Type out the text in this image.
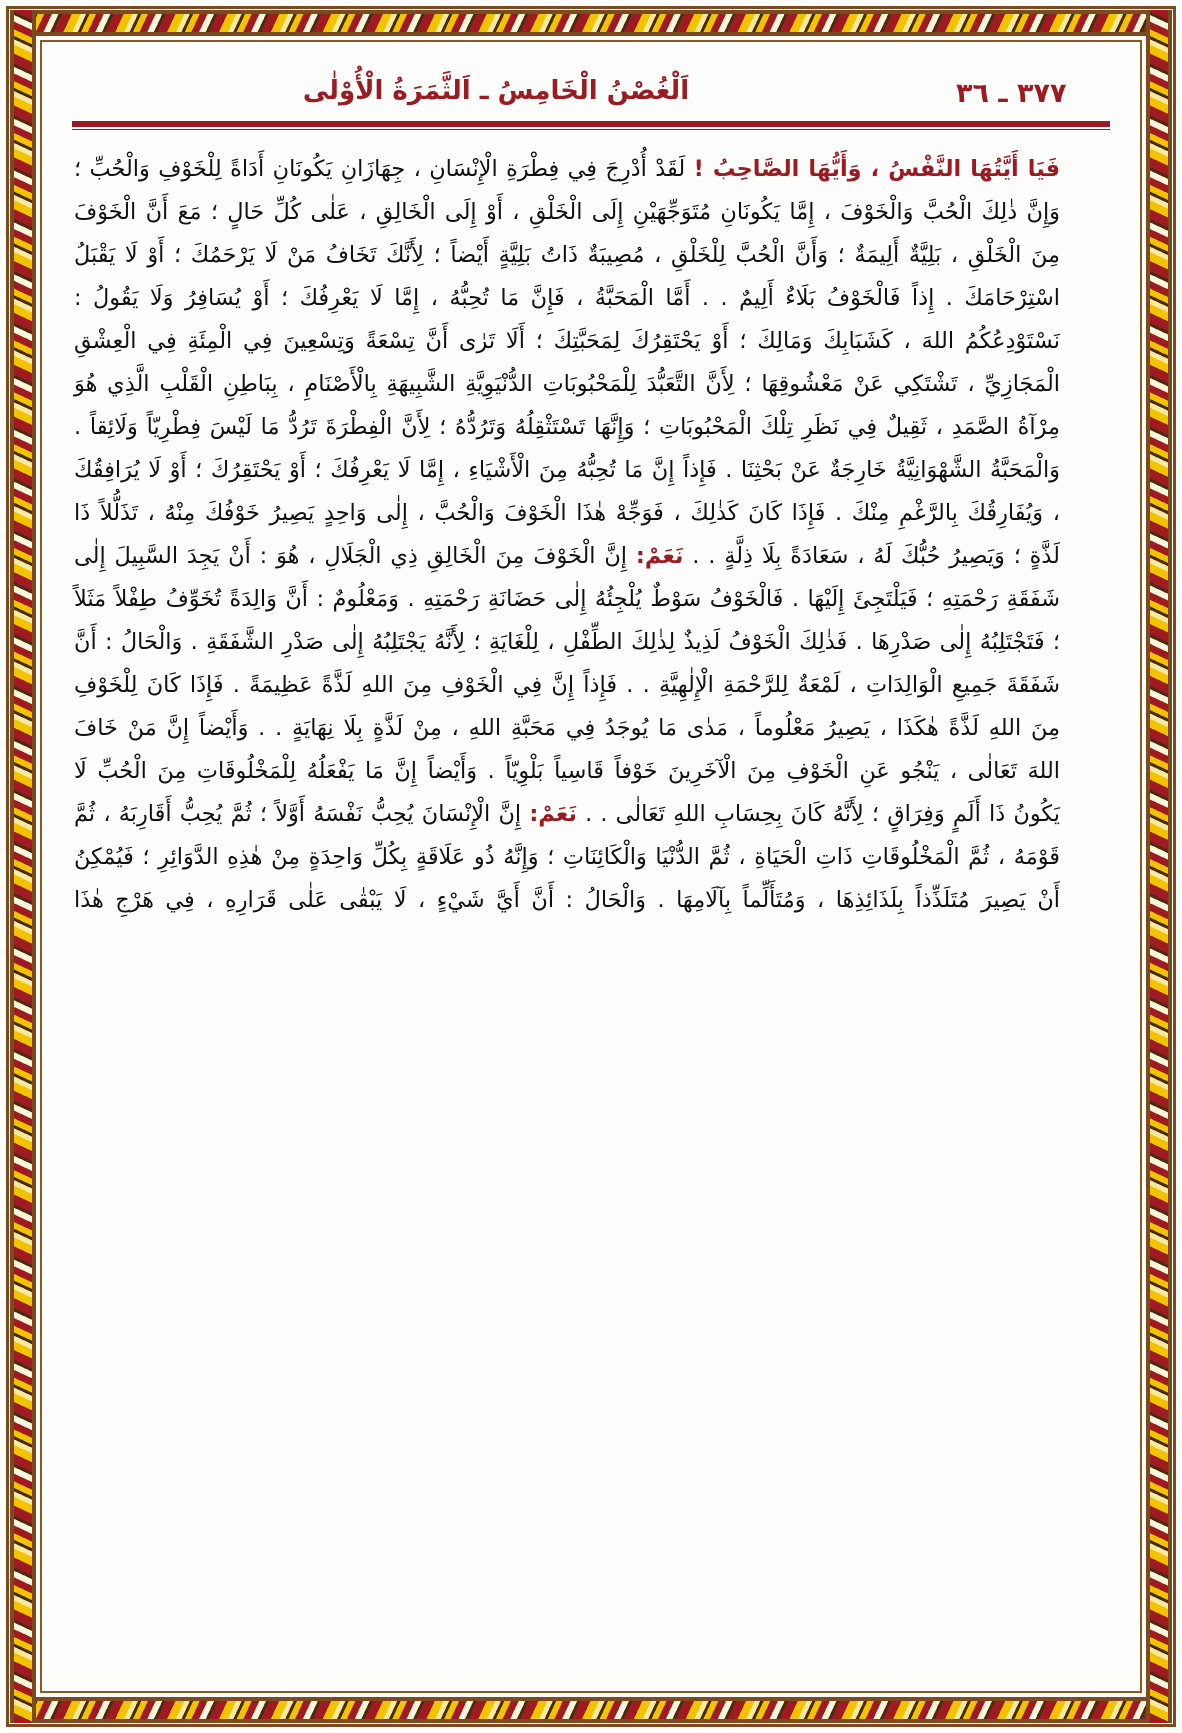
٣٧٧ ـ ٣٦
اَلْغُصْنُ الْخَامِسُ ـ اَلثَّمَرَةُ الْأُوْلٰى

فَيَا أَيَّتُهَا النَّفْسُ ، وَأَيُّهَا الصَّاحِبُ ! لَقَدْ أُدْرِجَ فِي فِطْرَةِ الْإِنْسَانِ ، جِهَازَانِ يَكُونَانِ أَدَاةً لِلْخَوْفِ وَالْحُبِّ ؛ وَإِنَّ ذٰلِكَ الْحُبَّ وَالْخَوْفَ ، إِمَّا يَكُونَانِ مُتَوَجِّهَيْنِ إِلَى الْخَلْقِ ، أَوْ إِلَى الْخَالِقِ ، عَلٰى كُلِّ حَالٍ ؛ مَعَ أَنَّ الْخَوْفَ مِنَ الْخَلْقِ ، بَلِيَّةٌ أَلِيمَةٌ ؛ وَأَنَّ الْحُبَّ لِلْخَلْقِ ، مُصِيبَةٌ ذَاتُ بَلِيَّةٍ أَيْضاً ؛ لِأَنَّكَ تَخَافُ مَنْ لَا يَرْحَمُكَ ؛ أَوْ لَا يَقْبَلُ اسْتِرْحَامَكَ . إِذاً فَالْخَوْفُ بَلَاءٌ أَلِيمٌ . . أَمَّا الْمَحَبَّةُ ، فَإِنَّ مَا تُحِبُّهُ ، إِمَّا لَا يَعْرِفُكَ ؛ أَوْ يُسَافِرُ وَلَا يَقُولُ : نَسْتَوْدِعُكُمُ اللهَ ، كَشَبَابِكَ وَمَالِكَ ؛ أَوْ يَحْتَقِرُكَ لِمَحَبَّتِكَ ؛ أَلَا تَرٰى أَنَّ تِسْعَةً وَتِسْعِينَ فِي الْمِئَةِ فِي الْعِشْقِ الْمَجَازِيِّ ، تَشْتَكِي عَنْ مَعْشُوقِهَا ؛ لِأَنَّ التَّعَبُّدَ لِلْمَحْبُوبَاتِ الدُّنْيَوِيَّةِ الشَّبِيهَةِ بِالْأَصْنَامِ ، بِبَاطِنِ الْقَلْبِ الَّذِي هُوَ مِرْآةُ الصَّمَدِ ، ثَقِيلٌ فِي نَظَرِ تِلْكَ الْمَحْبُوبَاتِ ؛ وَإِنَّهَا تَسْتَثْقِلُهُ وَتَرُدُّهُ ؛ لِأَنَّ الْفِطْرَةَ تَرُدُّ مَا لَيْسَ فِطْرِيّاً وَلَائِقاً . وَالْمَحَبَّةُ الشَّهْوَانِيَّةُ خَارِجَةٌ عَنْ بَحْثِنَا . فَإِذاً إِنَّ مَا تُحِبُّهُ مِنَ الْأَشْيَاءِ ، إِمَّا لَا يَعْرِفُكَ ؛ أَوْ يَحْتَقِرُكَ ؛ أَوْ لَا يُرَافِقُكَ ، وَيُفَارِقُكَ بِالرَّغْمِ مِنْكَ . فَإِذَا كَانَ كَذٰلِكَ ، فَوَجِّهْ هٰذَا الْخَوْفَ وَالْحُبَّ ، إِلٰى وَاحِدٍ يَصِيرُ خَوْفُكَ مِنْهُ ، تَذَلُّلاً ذَا لَذَّةٍ ؛ وَيَصِيرُ حُبُّكَ لَهُ ، سَعَادَةً بِلَا ذِلَّةٍ . . نَعَمْ: إِنَّ الْخَوْفَ مِنَ الْخَالِقِ ذِي الْجَلَالِ ، هُوَ : أَنْ يَجِدَ السَّبِيلَ إِلٰى شَفَقَةِ رَحْمَتِهِ ؛ فَيَلْتَجِئَ إِلَيْهَا . فَالْخَوْفُ سَوْطٌ يُلْجِئُهُ إِلٰى حَضَانَةِ رَحْمَتِهِ . وَمَعْلُومٌ : أَنَّ وَالِدَةً تُخَوِّفُ طِفْلاً مَثَلاً ؛ فَتَجْتَلِبُهُ إِلٰى صَدْرِهَا . فَذٰلِكَ الْخَوْفُ لَذِيذٌ لِذٰلِكَ الطِّفْلِ ، لِلْغَايَةِ ؛ لِأَنَّهُ يَجْتَلِبُهُ إِلٰى صَدْرِ الشَّفَقَةِ . وَالْحَالُ : أَنَّ شَفَقَةَ جَمِيعِ الْوَالِدَاتِ ، لَمْعَةٌ لِلرَّحْمَةِ الْإِلٰهِيَّةِ . . فَإِذاً إِنَّ فِي الْخَوْفِ مِنَ اللهِ لَذَّةً عَظِيمَةً . فَإِذَا كَانَ لِلْخَوْفِ مِنَ اللهِ لَذَّةً هٰكَذَا ، يَصِيرُ مَعْلُوماً ، مَدٰى مَا يُوجَدُ فِي مَحَبَّةِ اللهِ ، مِنْ لَذَّةٍ بِلَا نِهَايَةٍ . . وَأَيْضاً إِنَّ مَنْ خَافَ اللهَ تَعَالٰى ، يَنْجُو عَنِ الْخَوْفِ مِنَ الْآخَرِينَ خَوْفاً قَاسِياً بَلْوِيّاً . وَأَيْضاً إِنَّ مَا يَفْعَلُهُ لِلْمَخْلُوقَاتِ مِنَ الْحُبِّ لَا يَكُونُ ذَا أَلَمٍ وَفِرَاقٍ ؛ لِأَنَّهُ كَانَ بِحِسَابِ اللهِ تَعَالٰى . . نَعَمْ: إِنَّ الْإِنْسَانَ يُحِبُّ نَفْسَهُ أَوَّلاً ؛ ثُمَّ يُحِبُّ أَقَارِبَهُ ، ثُمَّ قَوْمَهُ ، ثُمَّ الْمَخْلُوقَاتِ ذَاتِ الْحَيَاةِ ، ثُمَّ الدُّنْيَا وَالْكَائِنَاتِ ؛ وَإِنَّهُ ذُو عَلَاقَةٍ بِكُلِّ وَاحِدَةٍ مِنْ هٰذِهِ الدَّوَائِرِ ؛ فَيُمْكِنُ أَنْ يَصِيرَ مُتَلَذِّذاً بِلَذَائِذِهَا ، وَمُتَأَلِّماً بِآلَامِهَا . وَالْحَالُ : أَنَّ أَيَّ شَيْءٍ ، لَا يَبْقٰى عَلٰى قَرَارِهِ ، فِي هَرْجِ هٰذَا
